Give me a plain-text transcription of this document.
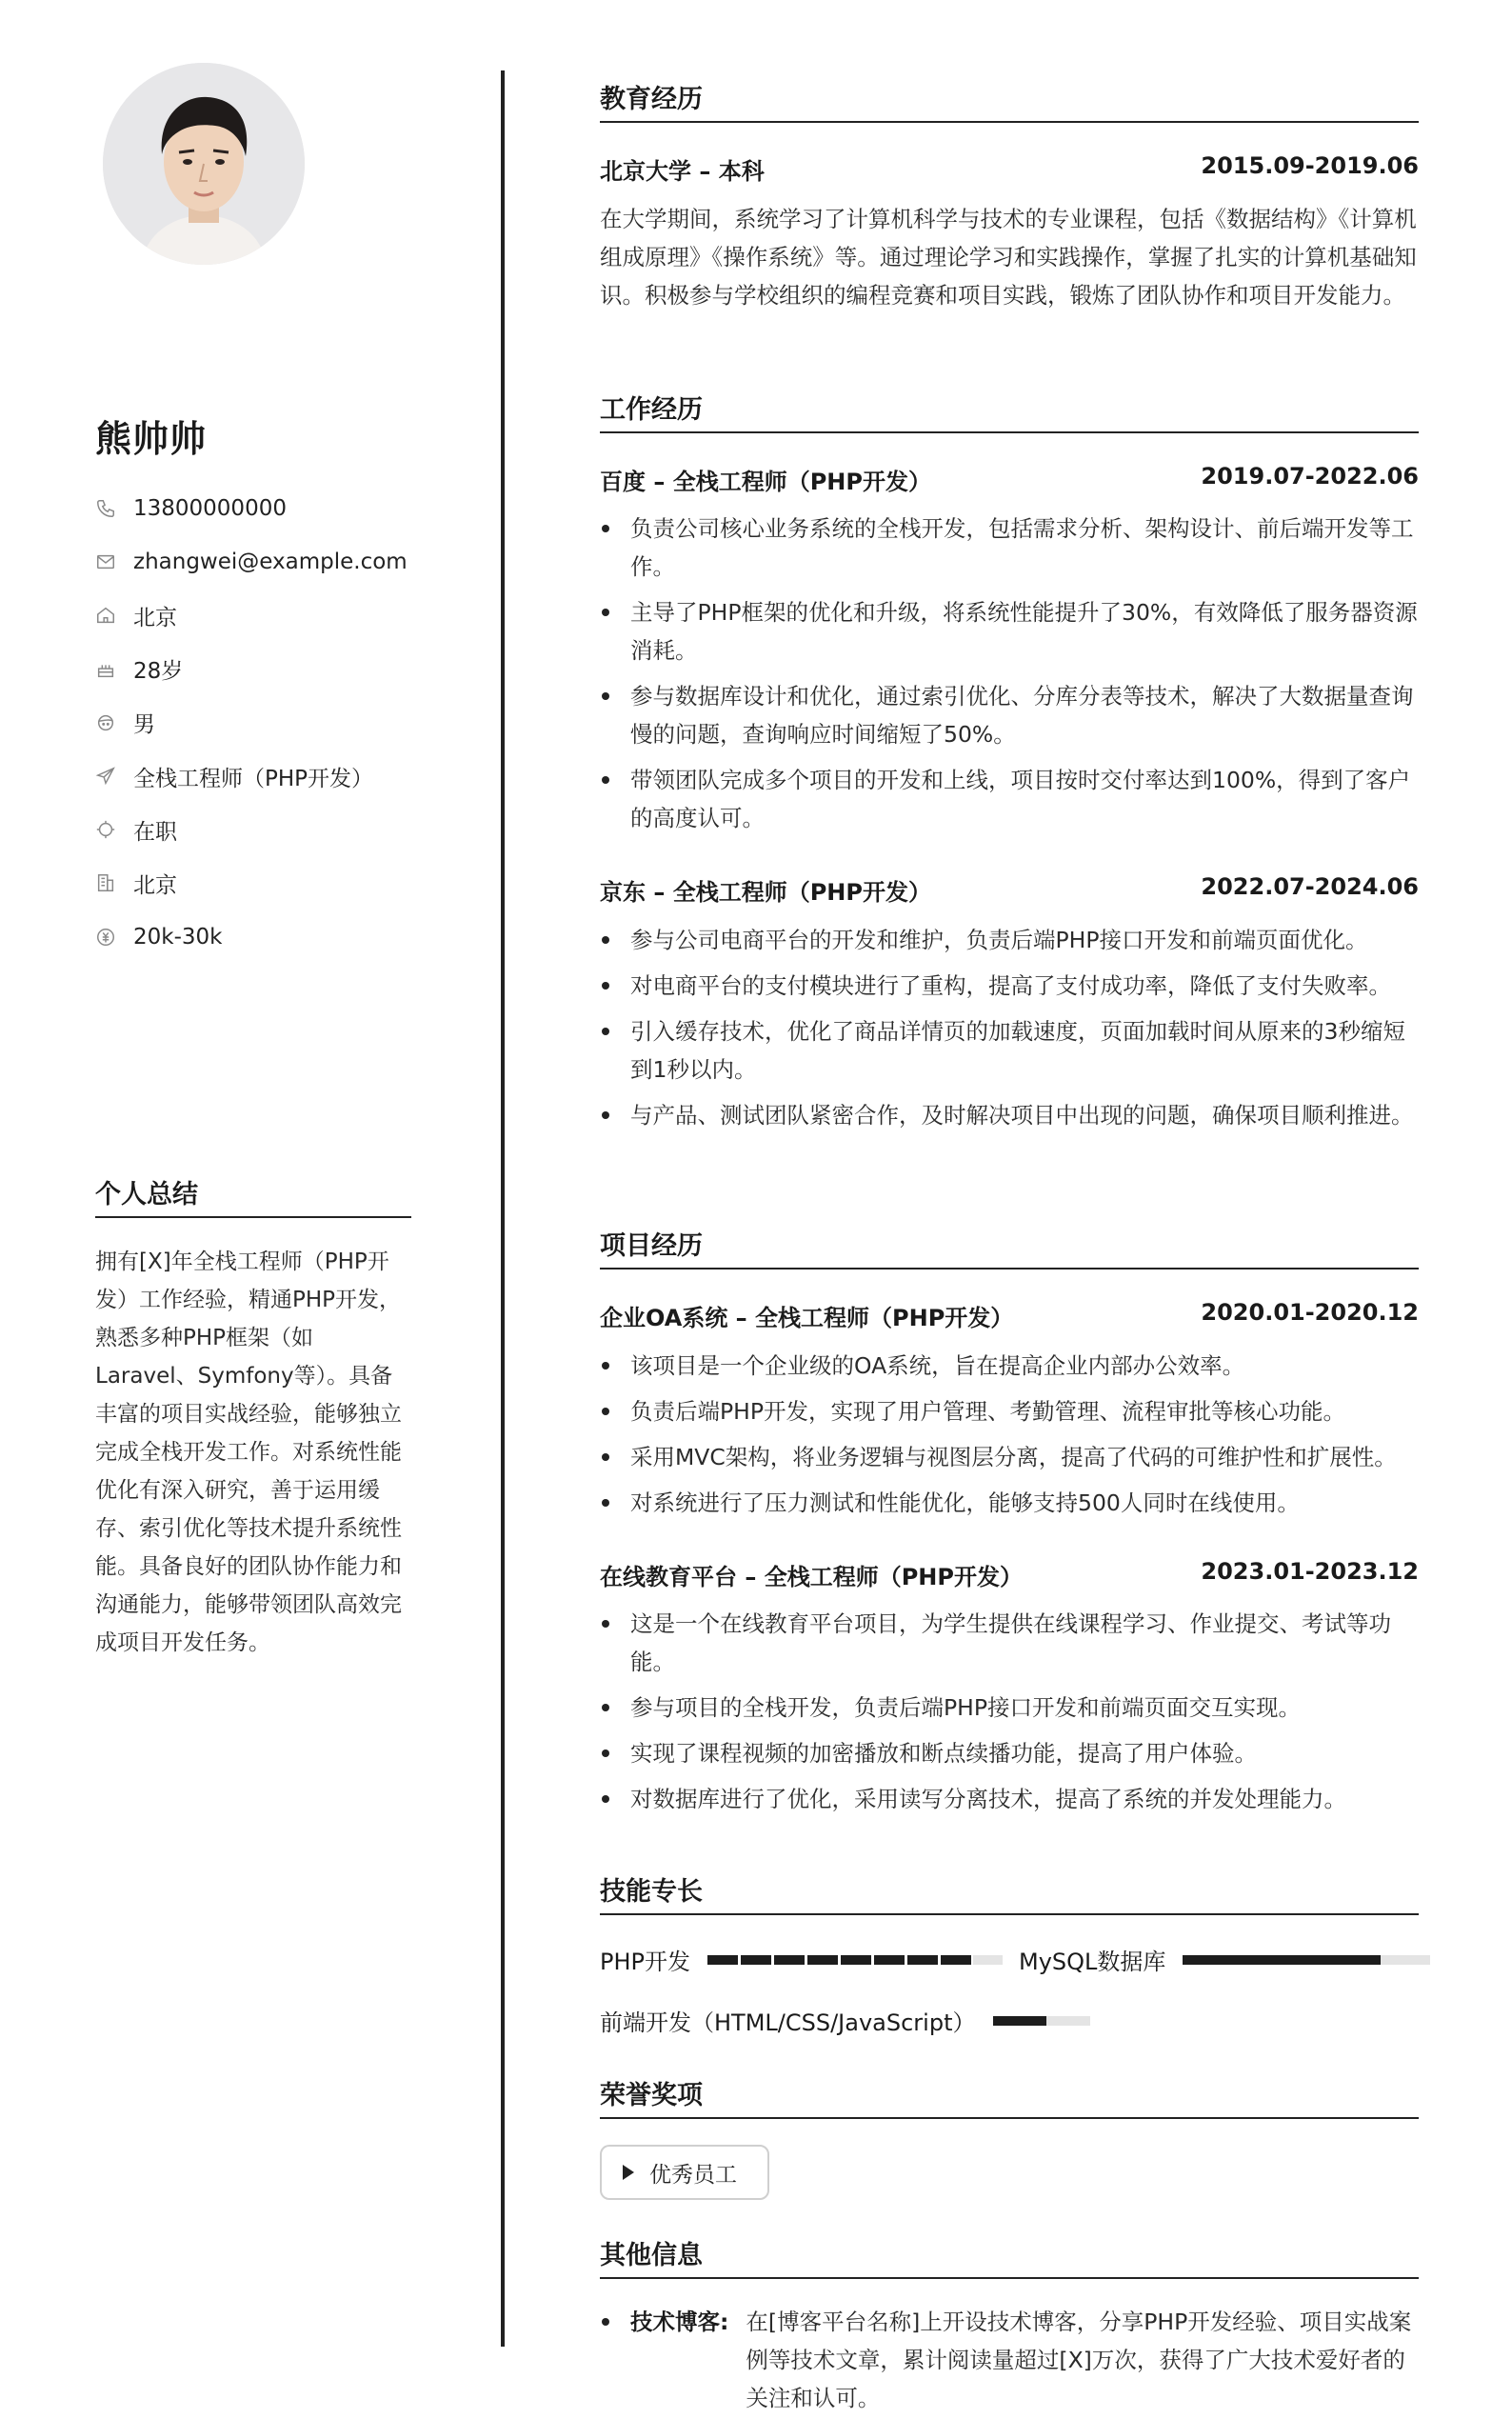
熊帅帅
13800000000
zhangwei@example.com
北京
28岁
男
全栈工程师（PHP开发）
在职
北京
20k-30k
个人总结
拥有[X]年全栈工程师（PHP开发）工作经验，精通PHP开发，熟悉多种PHP框架（如Laravel、Symfony等）。具备丰富的项目实战经验，能够独立完成全栈开发工作。对系统性能优化有深入研究，善于运用缓存、索引优化等技术提升系统性能。具备良好的团队协作能力和沟通能力，能够带领团队高效完成项目开发任务。
教育经历
北京大学 – 本科	2015.09-2019.06
在大学期间，系统学习了计算机科学与技术的专业课程，包括《数据结构》《计算机组成原理》《操作系统》等。通过理论学习和实践操作，掌握了扎实的计算机基础知识。积极参与学校组织的编程竞赛和项目实践，锻炼了团队协作和项目开发能力。
工作经历
百度 – 全栈工程师（PHP开发）	2019.07-2022.06
负责公司核心业务系统的全栈开发，包括需求分析、架构设计、前后端开发等工作。
主导了PHP框架的优化和升级，将系统性能提升了30%，有效降低了服务器资源消耗。
参与数据库设计和优化，通过索引优化、分库分表等技术，解决了大数据量查询慢的问题，查询响应时间缩短了50%。
带领团队完成多个项目的开发和上线，项目按时交付率达到100%，得到了客户的高度认可。
京东 – 全栈工程师（PHP开发）	2022.07-2024.06
参与公司电商平台的开发和维护，负责后端PHP接口开发和前端页面优化。
对电商平台的支付模块进行了重构，提高了支付成功率，降低了支付失败率。
引入缓存技术，优化了商品详情页的加载速度，页面加载时间从原来的3秒缩短到1秒以内。
与产品、测试团队紧密合作，及时解决项目中出现的问题，确保项目顺利推进。
项目经历
企业OA系统 – 全栈工程师（PHP开发）	2020.01-2020.12
该项目是一个企业级的OA系统，旨在提高企业内部办公效率。
负责后端PHP开发，实现了用户管理、考勤管理、流程审批等核心功能。
采用MVC架构，将业务逻辑与视图层分离，提高了代码的可维护性和扩展性。
对系统进行了压力测试和性能优化，能够支持500人同时在线使用。
在线教育平台 – 全栈工程师（PHP开发）	2023.01-2023.12
这是一个在线教育平台项目，为学生提供在线课程学习、作业提交、考试等功能。
参与项目的全栈开发，负责后端PHP接口开发和前端页面交互实现。
实现了课程视频的加密播放和断点续播功能，提高了用户体验。
对数据库进行了优化，采用读写分离技术，提高了系统的并发处理能力。
技能专长
PHP开发	MySQL数据库
前端开发（HTML/CSS/JavaScript）
荣誉奖项
优秀员工
其他信息
技术博客: 在[博客平台名称]上开设技术博客，分享PHP开发经验、项目实战案例等技术文章，累计阅读量超过[X]万次，获得了广大技术爱好者的关注和认可。
